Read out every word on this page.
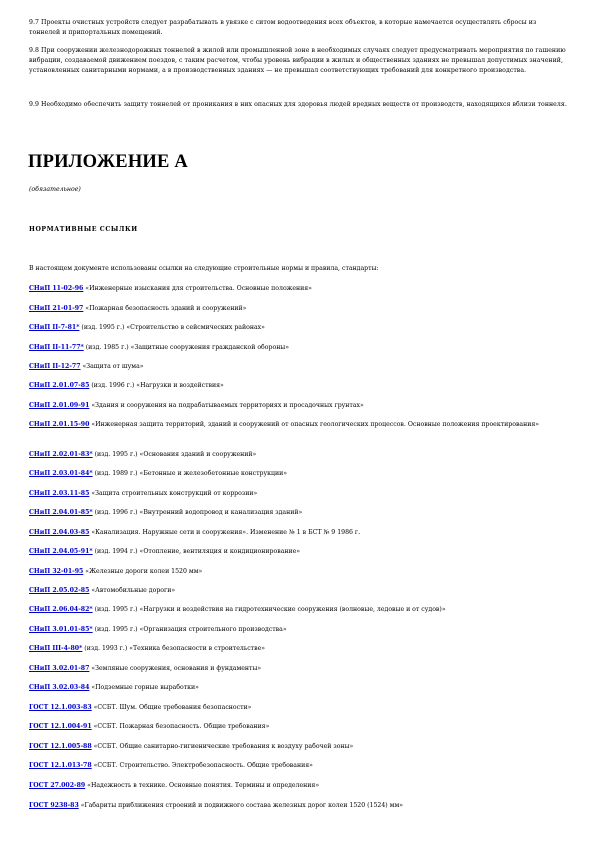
9.7 Проекты очистных устройств следует разрабатывать в увязке с ситом водоотведения всех объектов, в которые намечается осуществлять сбросы из тоннелей и припортальных помещений.
9.8 При сооружении железнодорожных тоннелей в жилой или промышленной зоне в необходимых случаях следует предусматривать мероприятия по гашению вибрации, создаваемой движением поездов, с таким расчетом, чтобы уровень вибрации в жилых и общественных зданиях не превышал допустимых значений, установленных санитарными нормами, а в производственных зданиях — не превышал соответствующих требований для конкретного производства.
9.9 Необходимо обеспечить защиту тоннелей от проникания в них опасных для здоровья людей вредных веществ от производств, находящихся вблизи тоннеля.
ПРИЛОЖЕНИЕ А
(обязательное)
НОРМАТИВНЫЕ ССЫЛКИ
В настоящем документе использованы ссылки на следующие строительные нормы и правила, стандарты:
СНиП 11-02-96 «Инженерные изыскания для строительства. Основные положения»
СНиП 21-01-97 «Пожарная безопасность зданий и сооружений»
СНиП II-7-81* (изд. 1995 г.) «Строительство в сейсмических районах»
СНиП II-11-77* (изд. 1985 г.) «Защитные сооружения гражданской обороны»
СНиП II-12-77 «Защита от шума»
СНиП 2.01.07-85 (изд. 1996 г.) «Нагрузки и воздействия»
СНиП 2.01.09-91 «Здания и сооружения на подрабатываемых территориях и просадочных грунтах»
СНиП 2.01.15-90 «Инженерная защита территорий, зданий и сооружений от опасных геологических процессов. Основные положения проектирования»
СНиП 2.02.01-83* (изд. 1995 г.) «Основания зданий и сооружений»
СНиП 2.03.01-84* (изд. 1989 г.) «Бетонные и железобетонные конструкции»
СНиП 2.03.11-85 «Защита строительных конструкций от коррозии»
СНиП 2.04.01-85* (изд. 1996 г.) «Внутренний водопровод и канализация зданий»
СНиП 2.04.03-85 «Канализация. Наружные сети и сооружения». Изменение № 1 в БСТ № 9 1986 г.
СНиП 2.04.05-91* (изд. 1994 г.) «Отопление, вентиляция и кондиционирование»
СНиП 32-01-95 «Железные дороги колеи 1520 мм»
СНиП 2.05.02-85 «Автомобильные дороги»
СНиП 2.06.04-82* (изд. 1995 г.) «Нагрузки и воздействия на гидротехнические сооружения (волновые, ледовые и от судов)»
СНиП 3.01.01-85* (изд. 1995 г.) «Организация строительного производства»
СНиП III-4-80* (изд. 1993 г.) «Техника безопасности в строительстве»
СНиП 3.02.01-87 «Земляные сооружения, основания и фундаменты»
СНиП 3.02.03-84 «Подземные горные выработки»
ГОСТ 12.1.003-83 «ССБТ. Шум. Общие требования безопасности»
ГОСТ 12.1.004-91 «ССБТ. Пожарная безопасность. Общие требования»
ГОСТ 12.1.005-88 «ССБТ. Общие санитарно-гигиенические требования к воздуху рабочей зоны»
ГОСТ 12.1.013-78 «ССБТ. Строительство. Электробезопасность. Общие требования»
ГОСТ 27.002-89 «Надежность в технике. Основные понятия. Термины и определения»
ГОСТ 9238-83 «Габариты приближения строений и подвижного состава железных дорог колеи 1520 (1524) мм»
